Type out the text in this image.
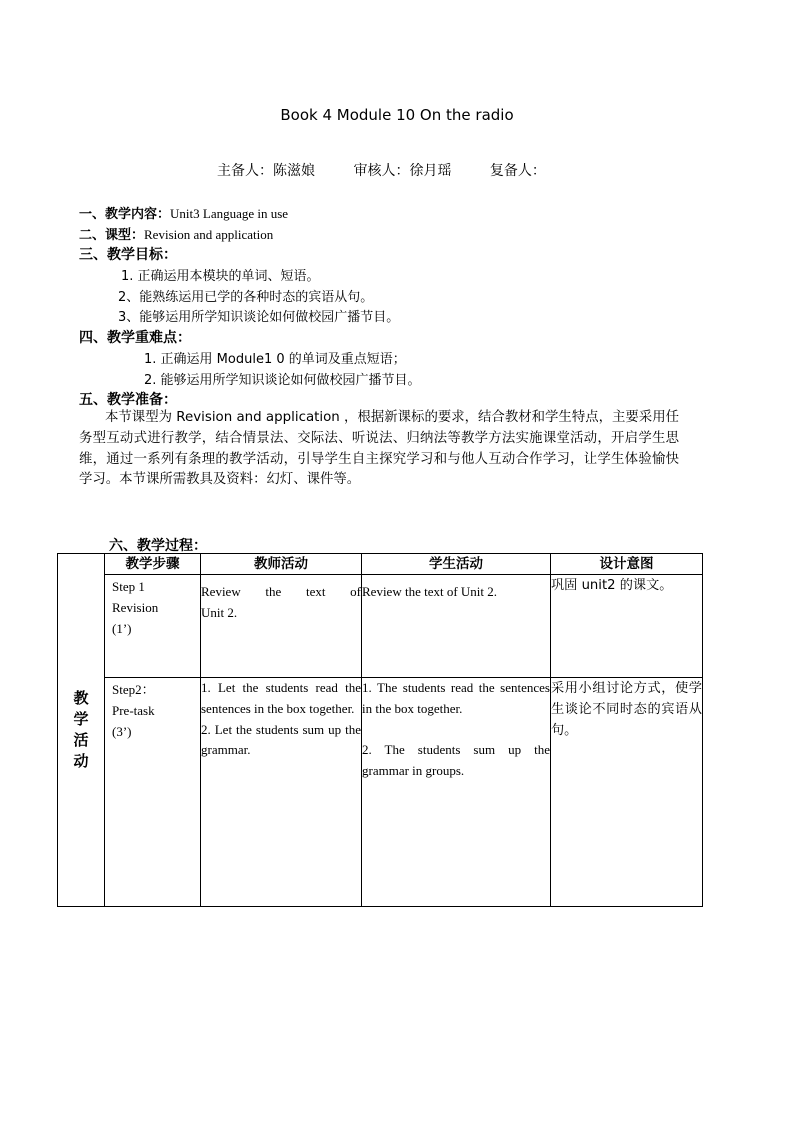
Book 4 Module 10 On the radio
主备人：陈滋娘	审核人：徐月瑶	复备人：
一、教学内容：Unit3 Language in use
二、课型：Revision and application
三、教学目标：
1. 正确运用本模块的单词、短语。
2、能熟练运用已学的各种时态的宾语从句。
3、能够运用所学知识谈论如何做校园广播节目。
四、教学重难点：
1. 正确运用 Module1 0 的单词及重点短语；
2. 能够运用所学知识谈论如何做校园广播节目。
五、教学准备：
本节课型为 Revision and application ，根据新课标的要求，结合教材和学生特点，主要采用任务型互动式进行教学，结合情景法、交际法、听说法、归纳法等教学方法实施课堂活动，开启学生思维，通过一系列有条理的教学活动，引导学生自主探究学习和与他人互动合作学习，让学生体验愉快学习。本节课所需教具及资料：幻灯、课件等。
六、教学过程：
教学活动	教学步骤	教师活动	学生活动	设计意图

	Step 1
Revision
(1’)	Review the text of
Unit 2.	Review the text of Unit 2.	巩固 unit2 的课文。

	Step2：
Pre-task
(3’)	1. Let the students read the sentences in the box together.
2. Let the students sum up the grammar.	1. The students read the sentences in the box together.
2. The students sum up the grammar in groups.	采用小组讨论方式，使学生谈论不同时态的宾语从句。
